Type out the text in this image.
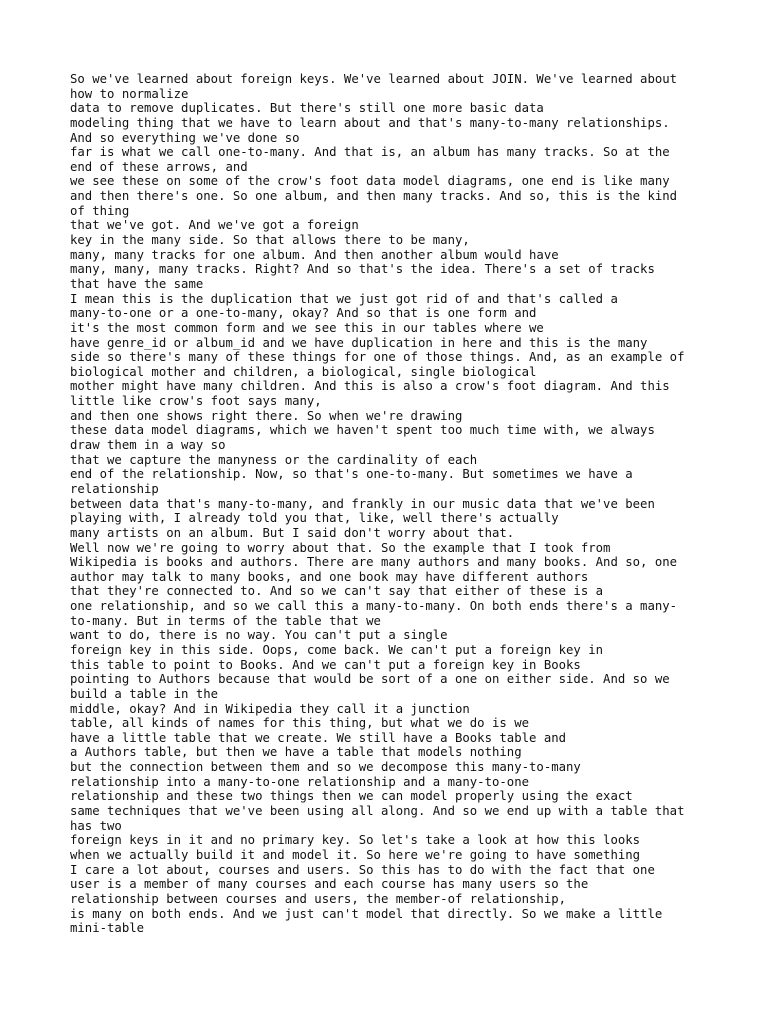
So we've learned about foreign keys. We've learned about JOIN. We've learned about
how to normalize
data to remove duplicates. But there's still one more basic data
modeling thing that we have to learn about and that's many-to-many relationships.
And so everything we've done so
far is what we call one-to-many. And that is, an album has many tracks. So at the
end of these arrows, and
we see these on some of the crow's foot data model diagrams, one end is like many
and then there's one. So one album, and then many tracks. And so, this is the kind
of thing
that we've got. And we've got a foreign
key in the many side. So that allows there to be many,
many, many tracks for one album. And then another album would have
many, many, many tracks. Right? And so that's the idea. There's a set of tracks
that have the same
I mean this is the duplication that we just got rid of and that's called a
many-to-one or a one-to-many, okay? And so that is one form and
it's the most common form and we see this in our tables where we
have genre_id or album_id and we have duplication in here and this is the many
side so there's many of these things for one of those things. And, as an example of
biological mother and children, a biological, single biological
mother might have many children. And this is also a crow's foot diagram. And this
little like crow's foot says many,
and then one shows right there. So when we're drawing
these data model diagrams, which we haven't spent too much time with, we always
draw them in a way so
that we capture the manyness or the cardinality of each
end of the relationship. Now, so that's one-to-many. But sometimes we have a
relationship
between data that's many-to-many, and frankly in our music data that we've been
playing with, I already told you that, like, well there's actually
many artists on an album. But I said don't worry about that.
Well now we're going to worry about that. So the example that I took from
Wikipedia is books and authors. There are many authors and many books. And so, one
author may talk to many books, and one book may have different authors
that they're connected to. And so we can't say that either of these is a
one relationship, and so we call this a many-to-many. On both ends there's a many-
to-many. But in terms of the table that we
want to do, there is no way. You can't put a single
foreign key in this side. Oops, come back. We can't put a foreign key in
this table to point to Books. And we can't put a foreign key in Books
pointing to Authors because that would be sort of a one on either side. And so we
build a table in the
middle, okay? And in Wikipedia they call it a junction
table, all kinds of names for this thing, but what we do is we
have a little table that we create. We still have a Books table and
a Authors table, but then we have a table that models nothing
but the connection between them and so we decompose this many-to-many
relationship into a many-to-one relationship and a many-to-one
relationship and these two things then we can model properly using the exact
same techniques that we've been using all along. And so we end up with a table that
has two
foreign keys in it and no primary key. So let's take a look at how this looks
when we actually build it and model it. So here we're going to have something
I care a lot about, courses and users. So this has to do with the fact that one
user is a member of many courses and each course has many users so the
relationship between courses and users, the member-of relationship,
is many on both ends. And we just can't model that directly. So we make a little
mini-table
